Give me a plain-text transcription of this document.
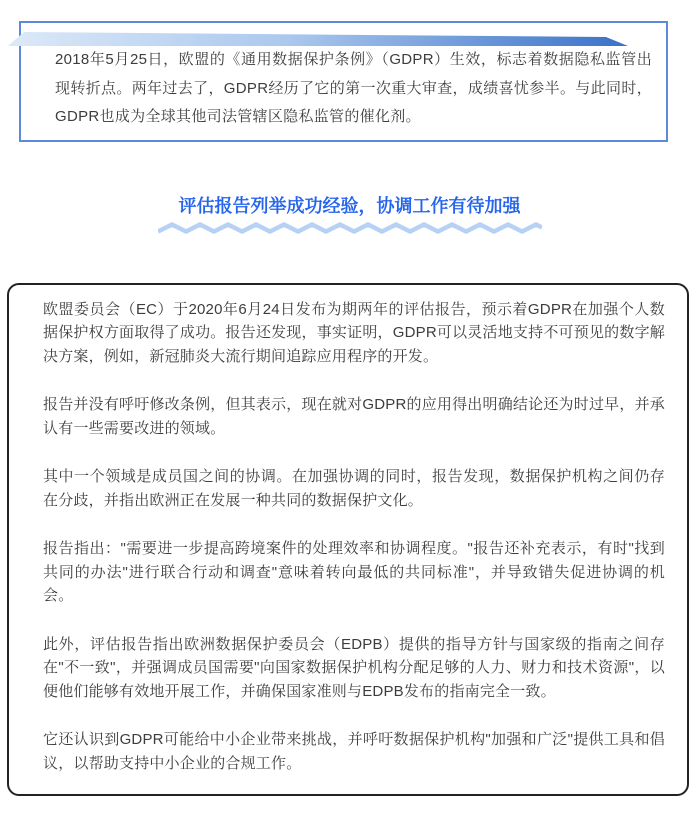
2018年5月25日，欧盟的《通用数据保护条例》（GDPR）生效，标志着数据隐私监管出现转折点。两年过去了，GDPR经历了它的第一次重大审查，成绩喜忧参半。与此同时，GDPR也成为全球其他司法管辖区隐私监管的催化剂。

评估报告列举成功经验，协调工作有待加强

欧盟委员会（EC）于2020年6月24日发布为期两年的评估报告，预示着GDPR在加强个人数据保护权方面取得了成功。报告还发现，事实证明，GDPR可以灵活地支持不可预见的数字解决方案，例如，新冠肺炎大流行期间追踪应用程序的开发。

报告并没有呼吁修改条例，但其表示，现在就对GDPR的应用得出明确结论还为时过早，并承认有一些需要改进的领域。

其中一个领域是成员国之间的协调。在加强协调的同时，报告发现，数据保护机构之间仍存在分歧，并指出欧洲正在发展一种共同的数据保护文化。

报告指出："需要进一步提高跨境案件的处理效率和协调程度。"报告还补充表示，有时"找到共同的办法"进行联合行动和调查"意味着转向最低的共同标准"，并导致错失促进协调的机会。

此外，评估报告指出欧洲数据保护委员会（EDPB）提供的指导方针与国家级的指南之间存在"不一致"，并强调成员国需要"向国家数据保护机构分配足够的人力、财力和技术资源"，以便他们能够有效地开展工作，并确保国家准则与EDPB发布的指南完全一致。

它还认识到GDPR可能给中小企业带来挑战，并呼吁数据保护机构"加强和广泛"提供工具和倡议，以帮助支持中小企业的合规工作。
